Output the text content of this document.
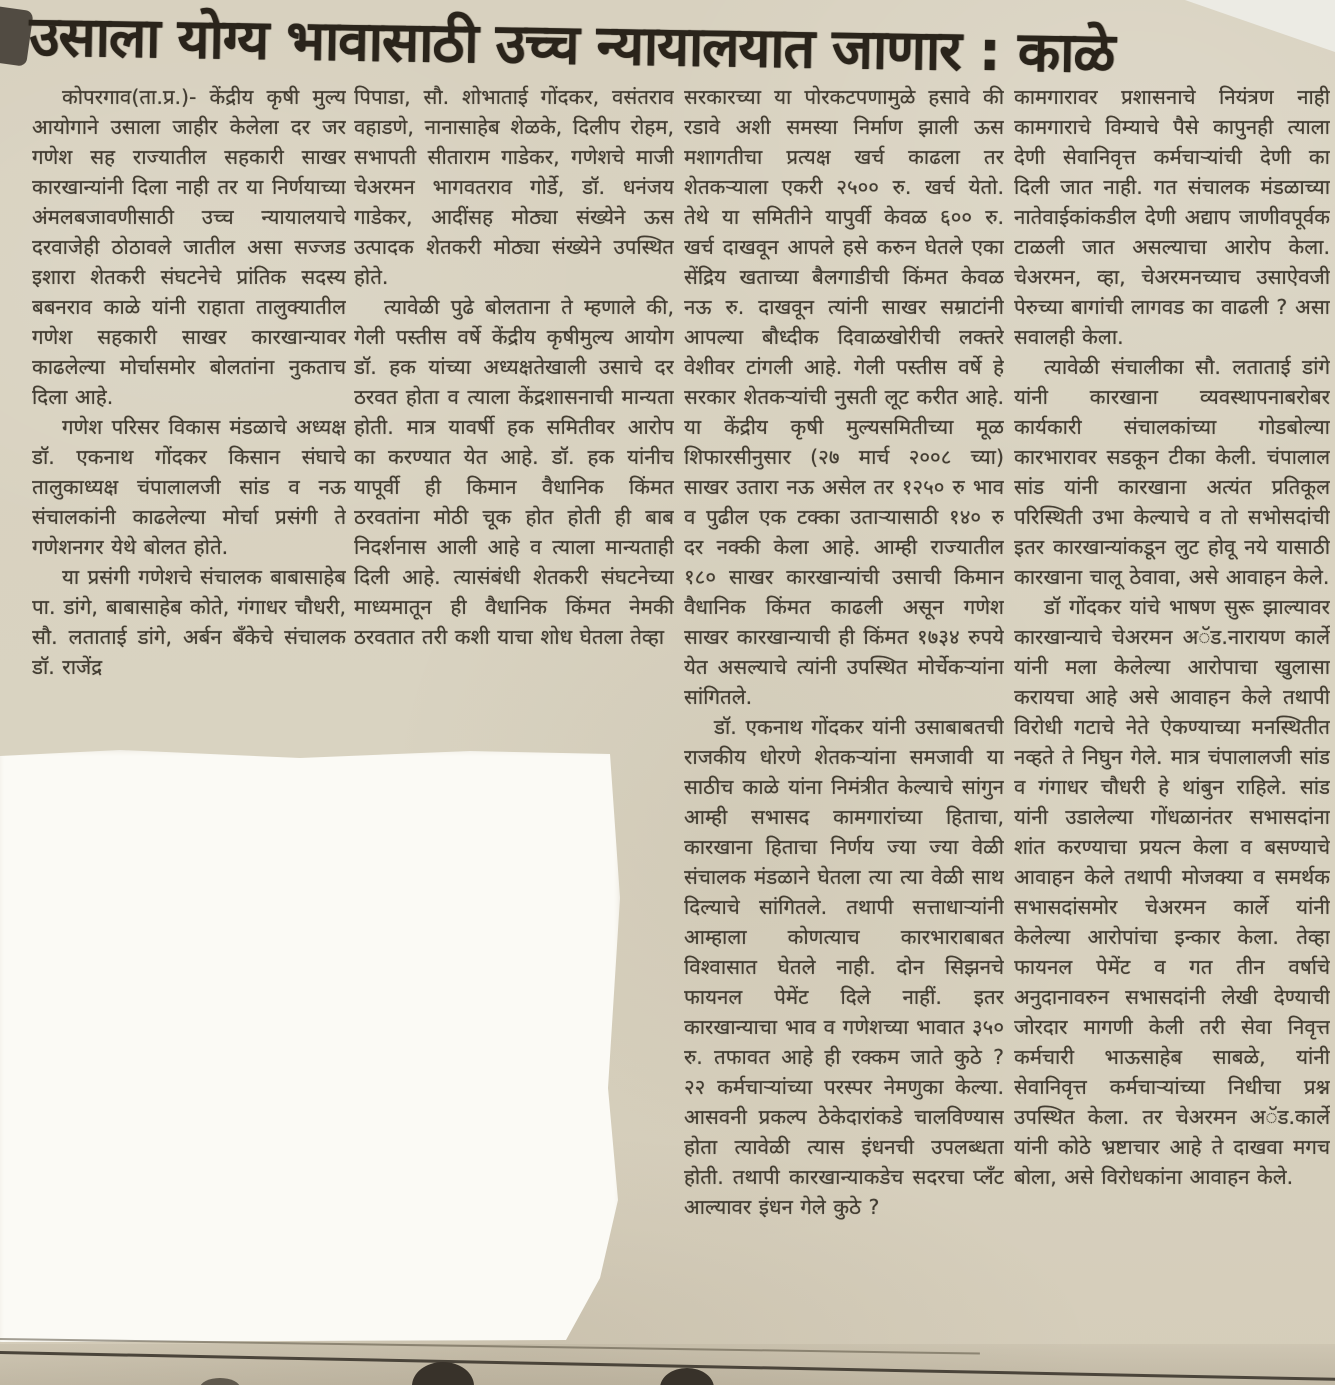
उसाला योग्य भावासाठी उच्च न्यायालयात जाणार : काळे

कोपरगाव(ता.प्र.)- केंद्रीय कृषी मुल्य आयोगाने उसाला जाहीर केलेला दर जर गणेश सह राज्यातील सहकारी साखर कारखान्यांनी दिला नाही तर या निर्णयाच्या अंमलबजावणीसाठी उच्च न्यायालयाचे दरवाजेही ठोठावले जातील असा सज्जड इशारा शेतकरी संघटनेचे प्रांतिक सदस्य बबनराव काळे यांनी राहाता तालुक्यातील गणेश सहकारी साखर कारखान्यावर काढलेल्या मोर्चासमोर बोलतांना नुकताच दिला आहे.

गणेश परिसर विकास मंडळाचे अध्यक्ष डॉ. एकनाथ गोंदकर किसान संघाचे तालुकाध्यक्ष चंपालालजी सांड व नऊ संचालकांनी काढलेल्या मोर्चा प्रसंगी ते गणेशनगर येथे बोलत होते.

या प्रसंगी गणेशचे संचालक बाबासाहेब पा. डांगे, बाबासाहेब कोते, गंगाधर चौधरी, सौ. लताताई डांगे, अर्बन बँकेचे संचालक डॉ. राजेंद्र

पिपाडा, सौ. शोभाताई गोंदकर, वसंतराव वहाडणे, नानासाहेब शेळके, दिलीप रोहम, सभापती सीताराम गाडेकर, गणेशचे माजी चेअरमन भागवतराव गोर्डे, डॉ. धनंजय गाडेकर, आदींसह मोठ्या संख्येने ऊस उत्पादक शेतकरी मोठ्या संख्येने उपस्थित होते.

त्यावेळी पुढे बोलताना ते म्हणाले की, गेली पस्तीस वर्षे केंद्रीय कृषीमुल्य आयोग डॉ. हक यांच्या अध्यक्षतेखाली उसाचे दर ठरवत होता व त्याला केंद्रशासनाची मान्यता होती. मात्र यावर्षी हक समितीवर आरोप का करण्यात येत आहे. डॉ. हक यांनीच यापूर्वी ही किमान वैधानिक किंमत ठरवतांना मोठी चूक होत होती ही बाब निदर्शनास आली आहे व त्याला मान्यताही दिली आहे. त्यासंबंधी शेतकरी संघटनेच्या माध्यमातून ही वैधानिक किंमत नेमकी ठरवतात तरी कशी याचा शोध घेतला तेव्हा

सरकारच्या या पोरकटपणामुळे हसावे की रडावे अशी समस्या निर्माण झाली ऊस मशागतीचा प्रत्यक्ष खर्च काढला तर शेतकऱ्याला एकरी २५०० रु. खर्च येतो. तेथे या समितीने यापुर्वी केवळ ६०० रु. खर्च दाखवून आपले हसे करुन घेतले एका सेंद्रिय खताच्या बैलगाडीची किंमत केवळ नऊ रु. दाखवून त्यांनी साखर सम्राटांनी आपल्या बौध्दीक दिवाळखोरीची लक्तरे वेशीवर टांगली आहे. गेली पस्तीस वर्षे हे सरकार शेतकऱ्यांची नुसती लूट करीत आहे. या केंद्रीय कृषी मुल्यसमितीच्या मूळ शिफारसीनुसार (२७ मार्च २००८ च्या) साखर उतारा नऊ असेल तर १२५० रु भाव व पुढील एक टक्का उताऱ्यासाठी १४० रु दर नक्की केला आहे. आम्ही राज्यातील १८० साखर कारखान्यांची उसाची किमान वैधानिक किंमत काढली असून गणेश साखर कारखान्याची ही किंमत १७३४ रुपये येत असल्याचे त्यांनी उपस्थित मोर्चेकऱ्यांना सांगितले.

डॉ. एकनाथ गोंदकर यांनी उसाबाबतची राजकीय धोरणे शेतकऱ्यांना समजावी या साठीच काळे यांना निमंत्रीत केल्याचे सांगुन आम्ही सभासद कामगारांच्या हिताचा, कारखाना हिताचा निर्णय ज्या ज्या वेळी संचालक मंडळाने घेतला त्या त्या वेळी साथ दिल्याचे सांगितले. तथापी सत्ताधाऱ्यांनी आम्हाला कोणत्याच कारभाराबाबत विश्वासात घेतले नाही. दोन सिझनचे फायनल पेमेंट दिले नाहीं. इतर कारखान्याचा भाव व गणेशच्या भावात ३५० रु. तफावत आहे ही रक्कम जाते कुठे ? २२ कर्मचाऱ्यांच्या परस्पर नेमणुका केल्या. आसवनी प्रकल्प ठेकेदारांकडे चालविण्यास होता त्यावेळी त्यास इंधनची उपलब्धता होती. तथापी कारखान्याकडेच सदरचा प्लँट आल्यावर इंधन गेले कुठे ?

कामगारावर प्रशासनाचे नियंत्रण नाही कामगाराचे विम्याचे पैसे कापुनही त्याला देणी सेवानिवृत्त कर्मचाऱ्यांची देणी का दिली जात नाही. गत संचालक मंडळाच्या नातेवाईकांकडील देणी अद्याप जाणीवपूर्वक टाळली जात असल्याचा आरोप केला. चेअरमन, व्हा, चेअरमनच्याच उसाऐवजी पेरुच्या बागांची लागवड का वाढली ? असा सवालही केला.

त्यावेळी संचालीका सौ. लताताई डांगे यांनी कारखाना व्यवस्थापनाबरोबर कार्यकारी संचालकांच्या गोडबोल्या कारभारावर सडकून टीका केली. चंपालाल सांड यांनी कारखाना अत्यंत प्रतिकूल परिस्थिती उभा केल्याचे व तो सभोसदांची इतर कारखान्यांकडून लुट होवू नये यासाठी कारखाना चालू ठेवावा, असे आवाहन केले.

डॉ गोंदकर यांचे भाषण सुरू झाल्यावर कारखान्याचे चेअरमन अॅड.नारायण कार्ले यांनी मला केलेल्या आरोपाचा खुलासा करायचा आहे असे आवाहन केले तथापी विरोधी गटाचे नेते ऐकण्याच्या मनस्थितीत नव्हते ते निघुन गेले. मात्र चंपालालजी सांड व गंगाधर चौधरी हे थांबुन राहिले. सांड यांनी उडालेल्या गोंधळानंतर सभासदांना शांत करण्याचा प्रयत्न केला व बसण्याचे आवाहन केले तथापी मोजक्या व समर्थक सभासदांसमोर चेअरमन कार्ले यांनी केलेल्या आरोपांचा इन्कार केला. तेव्हा फायनल पेमेंट व गत तीन वर्षाचे अनुदानावरुन सभासदांनी लेखी देण्याची जोरदार मागणी केली तरी सेवा निवृत्त कर्मचारी भाऊसाहेब साबळे, यांनी सेवानिवृत्त कर्मचाऱ्यांच्या निधीचा प्रश्न उपस्थित केला. तर चेअरमन अॅड.कार्ले यांनी कोठे भ्रष्टाचार आहे ते दाखवा मगच बोला, असे विरोधकांना आवाहन केले.
